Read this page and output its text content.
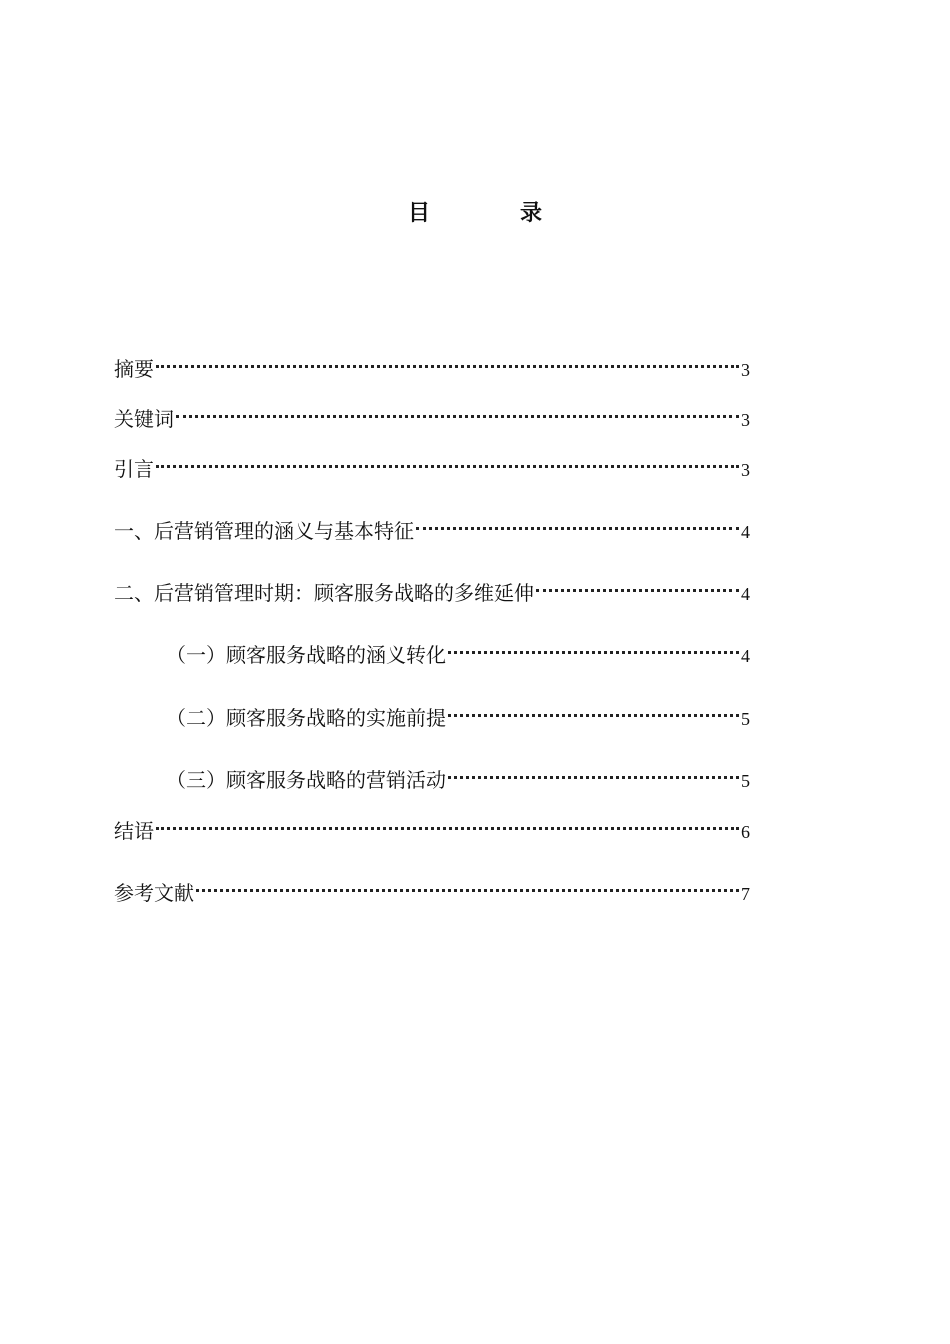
目　录
摘要	3
关键词	3
引言	3
一、后营销管理的涵义与基本特征	4
二、后营销管理时期：顾客服务战略的多维延伸	4
（一）顾客服务战略的涵义转化	4
（二）顾客服务战略的实施前提	5
（三）顾客服务战略的营销活动	5
结语	6
参考文献	7
